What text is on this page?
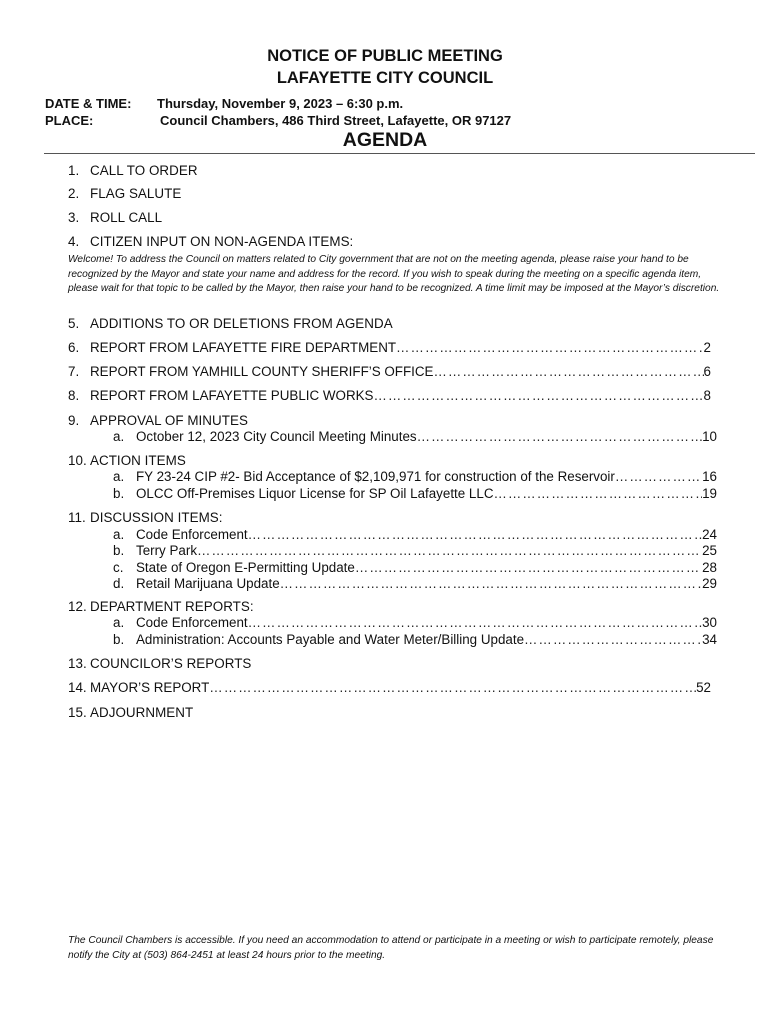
NOTICE OF PUBLIC MEETING
LAFAYETTE CITY COUNCIL
DATE & TIME: Thursday, November 9, 2023 – 6:30 p.m.
PLACE:	Council Chambers, 486 Third Street, Lafayette, OR 97127
AGENDA
1. CALL TO ORDER
2. FLAG SALUTE
3. ROLL CALL
4. CITIZEN INPUT ON NON-AGENDA ITEMS:
Welcome! To address the Council on matters related to City government that are not on the meeting agenda, please raise your hand to be recognized by the Mayor and state your name and address for the record. If you wish to speak during the meeting on a specific agenda item, please wait for that topic to be called by the Mayor, then raise your hand to be recognized. A time limit may be imposed at the Mayor’s discretion.
5. ADDITIONS TO OR DELETIONS FROM AGENDA
6. REPORT FROM LAFAYETTE FIRE DEPARTMENT ……………………………………………………………………………………………………………………………………………………………………………………………………………	2
7. REPORT FROM YAMHILL COUNTY SHERIFF’S OFFICE ……………………………………………………………………………………………………………………………………………………………………………………………………………	6
8. REPORT FROM LAFAYETTE PUBLIC WORKS ……………………………………………………………………………………………………………………………………………………………………………………………………………	8
9. APPROVAL OF MINUTES
a. October 12, 2023 City Council Meeting Minutes ……………………………………………………………………………………………………………………………………………………………………………………………………………	10
10. ACTION ITEMS
a. FY 23-24 CIP #2- Bid Acceptance of $2,109,971 for construction of the Reservoir ……………………………………………………………………………………………………………………………………………………………………………………………………………	16
b. OLCC Off-Premises Liquor License for SP Oil Lafayette LLC ……………………………………………………………………………………………………………………………………………………………………………………………………………	19
11. DISCUSSION ITEMS:
a. Code Enforcement ……………………………………………………………………………………………………………………………………………………………………………………………………………	24
b. Terry Park ……………………………………………………………………………………………………………………………………………………………………………………………………………	25
c. State of Oregon E-Permitting Update ……………………………………………………………………………………………………………………………………………………………………………………………………………	28
d. Retail Marijuana Update ……………………………………………………………………………………………………………………………………………………………………………………………………………	29
12. DEPARTMENT REPORTS:
a. Code Enforcement ……………………………………………………………………………………………………………………………………………………………………………………………………………	30
b. Administration: Accounts Payable and Water Meter/Billing Update ……………………………………………………………………………………………………………………………………………………………………………………………………………	34
13. COUNCILOR’S REPORTS
14. MAYOR’S REPORT ……………………………………………………………………………………………………………………………………………………………………………………………………………	52
15. ADJOURNMENT
The Council Chambers is accessible. If you need an accommodation to attend or participate in a meeting or wish to participate remotely, please notify the City at (503) 864-2451 at least 24 hours prior to the meeting.
